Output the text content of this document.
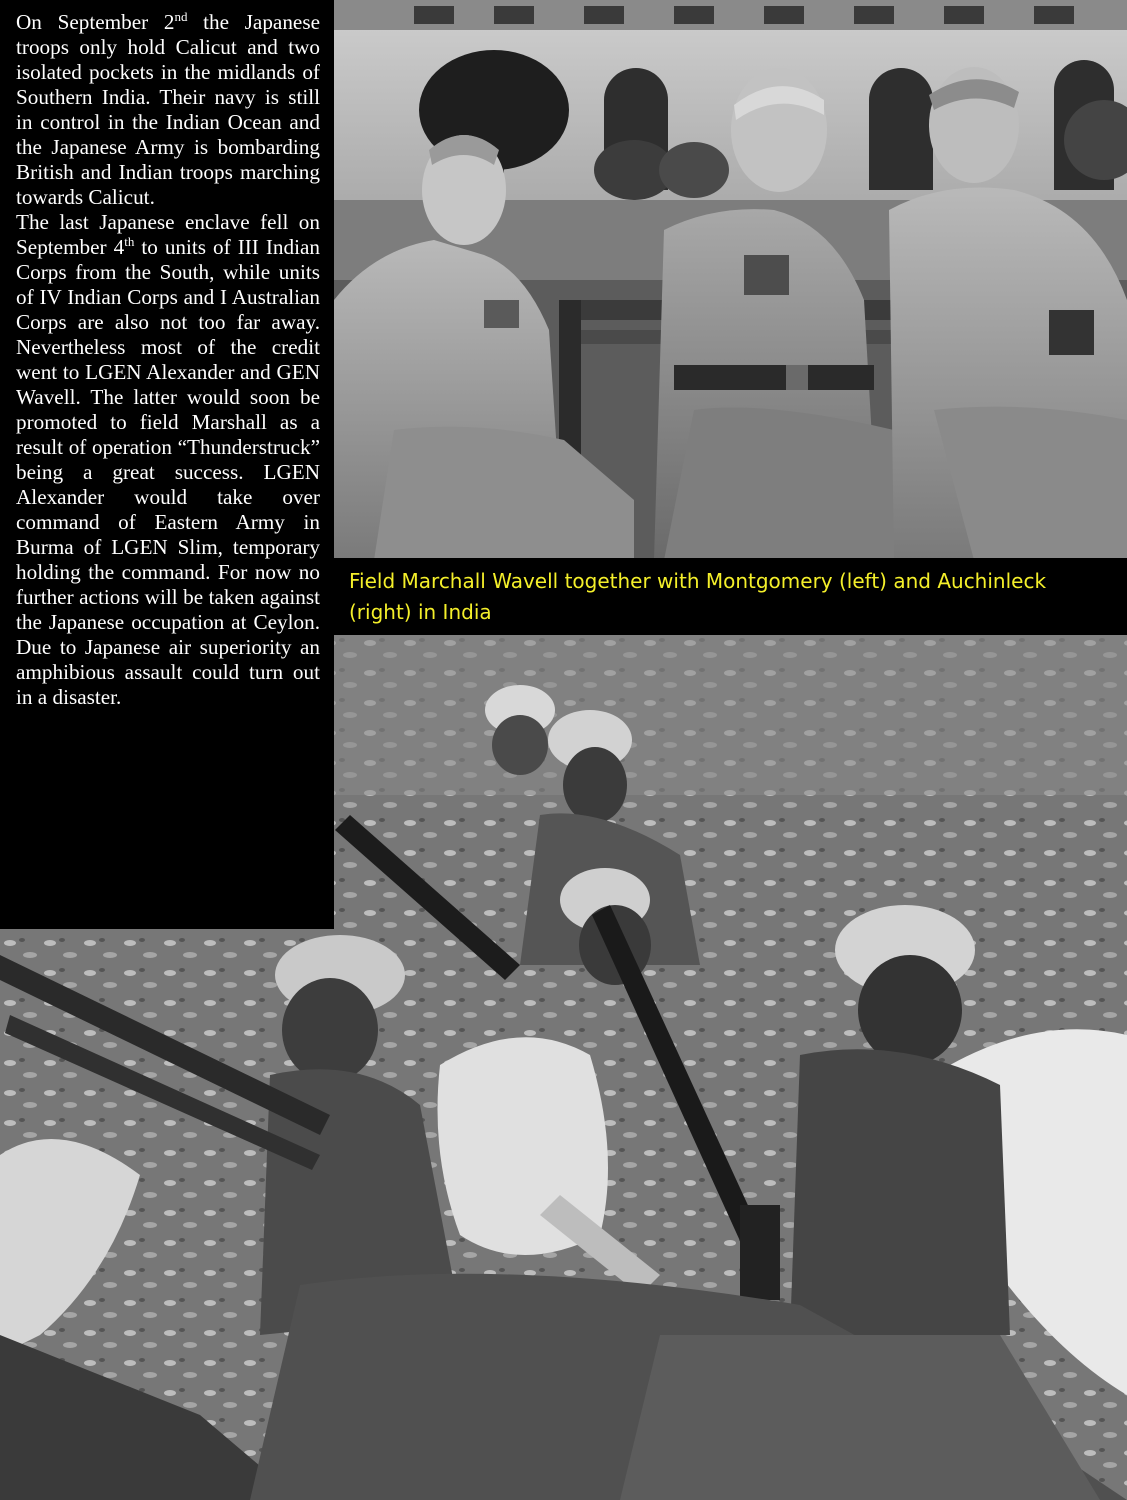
Field Marchall Wavell together with Montgomery (left) and Auchinleck (right) in India

On September 2nd the Japanese troops only hold Calicut and two isolated pockets in the midlands of Southern India. Their navy is still in control in the Indian Ocean and the Japanese Army is bombarding British and Indian troops marching towards Calicut.

The last Japanese enclave fell on September 4th to units of III Indian Corps from the South, while units of IV Indian Corps and I Australian Corps are also not too far away. Nevertheless most of the credit went to LGEN Alexander and GEN Wavell. The latter would soon be promoted to field Marshall as a result of operation “Thunderstruck” being a great success. LGEN Alexander would take over command of Eastern Army in Burma of LGEN Slim, temporary holding the command. For now no further actions will be taken against the Japanese occupation at Ceylon. Due to Japanese air superiority an amphibious assault could turn out in a disaster.
